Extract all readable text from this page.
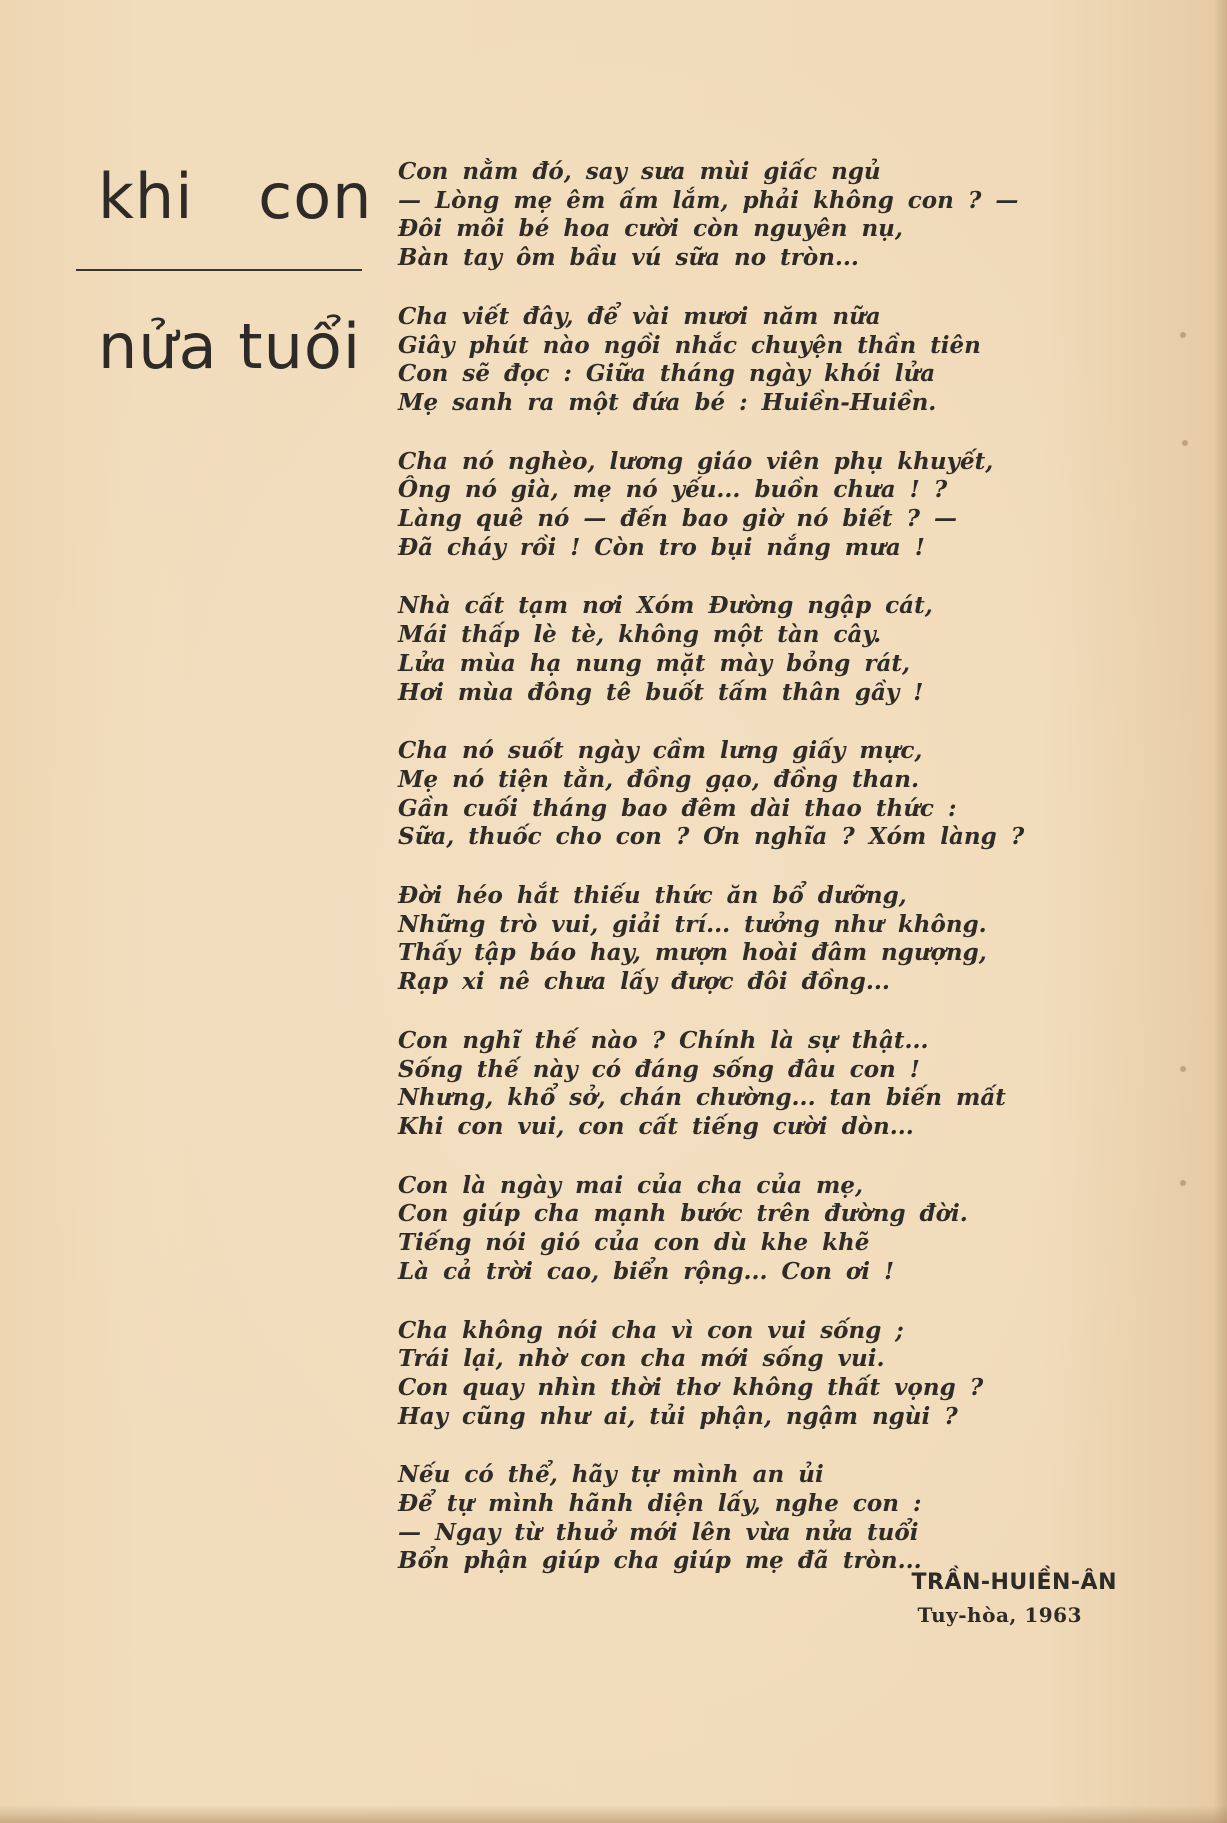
khi con
nửa tuổi
Con nằm đó, say sưa mùi giấc ngủ
— Lòng mẹ êm ấm lắm, phải không con ? —
Đôi môi bé hoa cười còn nguyên nụ,
Bàn tay ôm bầu vú sữa no tròn...
Cha viết đây, để vài mươi năm nữa
Giây phút nào ngồi nhắc chuyện thần tiên
Con sẽ đọc : Giữa tháng ngày khói lửa
Mẹ sanh ra một đứa bé : Huiền-Huiền.
Cha nó nghèo, lương giáo viên phụ khuyết,
Ông nó già, mẹ nó yếu... buồn chưa ! ?
Làng quê nó — đến bao giờ nó biết ? —
Đã cháy rồi ! Còn tro bụi nắng mưa !
Nhà cất tạm nơi Xóm Đường ngập cát,
Mái thấp lè tè, không một tàn cây.
Lửa mùa hạ nung mặt mày bỏng rát,
Hơi mùa đông tê buốt tấm thân gầy !
Cha nó suốt ngày cầm lưng giấy mực,
Mẹ nó tiện tằn, đồng gạo, đồng than.
Gần cuối tháng bao đêm dài thao thức :
Sữa, thuốc cho con ? Ơn nghĩa ? Xóm làng ?
Đời héo hắt thiếu thức ăn bổ dưỡng,
Những trò vui, giải trí... tưởng như không.
Thấy tập báo hay, mượn hoài đâm ngượng,
Rạp xi nê chưa lấy được đôi đồng...
Con nghĩ thế nào ? Chính là sự thật...
Sống thế này có đáng sống đâu con !
Nhưng, khổ sở, chán chường... tan biến mất
Khi con vui, con cất tiếng cười dòn...
Con là ngày mai của cha của mẹ,
Con giúp cha mạnh bước trên đường đời.
Tiếng nói gió của con dù khe khẽ
Là cả trời cao, biển rộng... Con ơi !
Cha không nói cha vì con vui sống ;
Trái lại, nhờ con cha mới sống vui.
Con quay nhìn thời thơ không thất vọng ?
Hay cũng như ai, tủi phận, ngậm ngùi ?
Nếu có thể, hãy tự mình an ủi
Để tự mình hãnh diện lấy, nghe con :
— Ngay từ thuở mới lên vừa nửa tuổi
Bổn phận giúp cha giúp mẹ đã tròn...
TRẦN-HUIỀN-ÂN
Tuy-hòa, 1963
